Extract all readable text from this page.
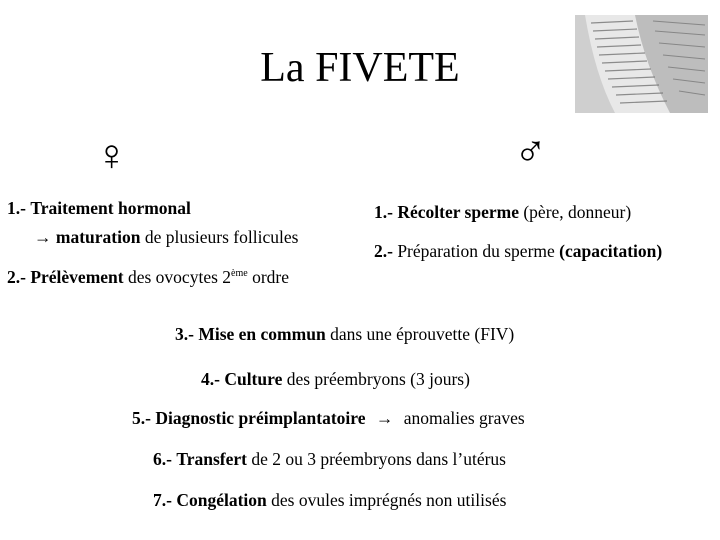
La FIVETE
♀	♂
1.- Traitement hormonal
→ maturation de plusieurs follicules
2.- Prélèvement des ovocytes 2ème ordre
1.- Récolter sperme (père, donneur)
2.- Préparation du sperme (capacitation)
3.- Mise en commun dans une éprouvette (FIV)
4.- Culture des préembryons (3 jours)
5.- Diagnostic préimplantatoire → anomalies graves
6.- Transfert de 2 ou 3 préembryons dans l’utérus
7.- Congélation des ovules imprégnés non utilisés
